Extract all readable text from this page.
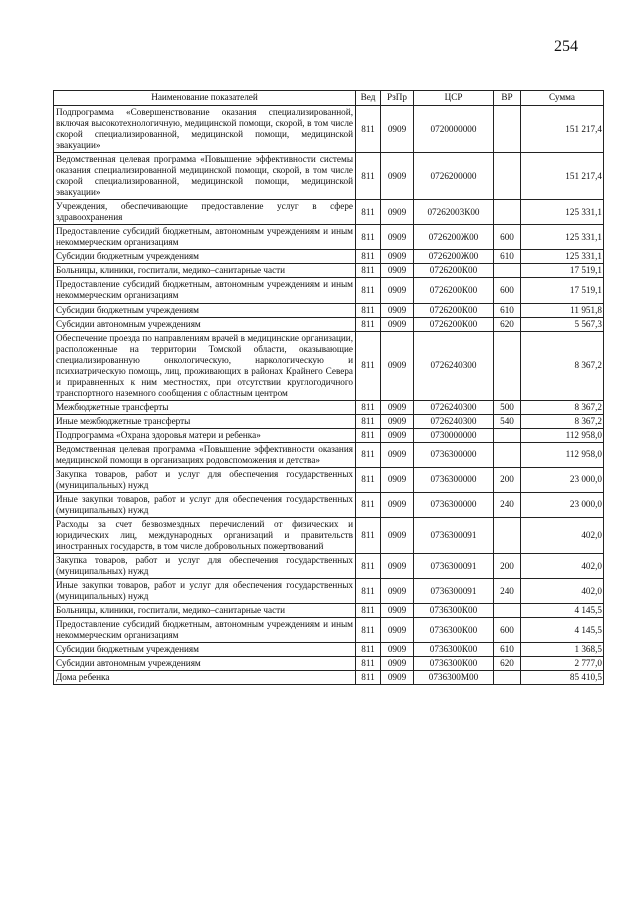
254
Наименование показателей	Вед	РзПр	ЦСР	ВР	Сумма
Подпрограмма «Совершенствование оказания специализированной, включая высокотехнологичную, медицинской помощи, скорой, в том числе скорой специализированной, медицинской помощи, медицинской эвакуации»	811	0909	0720000000		151 217,4
Ведомственная целевая программа «Повышение эффективности системы оказания специализированной медицинской помощи, скорой, в том числе скорой специализированной, медицинской помощи, медицинской эвакуации»	811	0909	0726200000		151 217,4
Учреждения, обеспечивающие предоставление услуг в сфере здравоохранения	811	0909	07262003К00		125 331,1
Предоставление субсидий бюджетным, автономным учреждениям и иным некоммерческим организациям	811	0909	0726200Ж00	600	125 331,1
Субсидии бюджетным учреждениям	811	0909	0726200Ж00	610	125 331,1
Больницы, клиники, госпитали, медико–санитарные части	811	0909	0726200К00		17 519,1
Предоставление субсидий бюджетным, автономным учреждениям и иным некоммерческим организациям	811	0909	0726200К00	600	17 519,1
Субсидии бюджетным учреждениям	811	0909	0726200К00	610	11 951,8
Субсидии автономным учреждениям	811	0909	0726200К00	620	5 567,3
Обеспечение проезда по направлениям врачей в медицинские организации, расположенные на территории Томской области, оказывающие специализированную онкологическую, наркологическую и психиатрическую помощь, лиц, проживающих в районах Крайнего Севера и приравненных к ним местностях, при отсутствии круглогодичного транспортного наземного сообщения с областным центром	811	0909	0726240300		8 367,2
Межбюджетные трансферты	811	0909	0726240300	500	8 367,2
Иные межбюджетные трансферты	811	0909	0726240300	540	8 367,2
Подпрограмма «Охрана здоровья матери и ребенка»	811	0909	0730000000		112 958,0
Ведомственная целевая программа «Повышение эффективности оказания медицинской помощи в организациях родовспоможения и детства»	811	0909	0736300000		112 958,0
Закупка товаров, работ и услуг для обеспечения государственных (муниципальных) нужд	811	0909	0736300000	200	23 000,0
Иные закупки товаров, работ и услуг для обеспечения государственных (муниципальных) нужд	811	0909	0736300000	240	23 000,0
Расходы за счет безвозмездных перечислений от физических и юридических лиц, международных организаций и правительств иностранных государств, в том числе добровольных пожертвований	811	0909	0736300091		402,0
Закупка товаров, работ и услуг для обеспечения государственных (муниципальных) нужд	811	0909	0736300091	200	402,0
Иные закупки товаров, работ и услуг для обеспечения государственных (муниципальных) нужд	811	0909	0736300091	240	402,0
Больницы, клиники, госпитали, медико–санитарные части	811	0909	0736300К00		4 145,5
Предоставление субсидий бюджетным, автономным учреждениям и иным некоммерческим организациям	811	0909	0736300К00	600	4 145,5
Субсидии бюджетным учреждениям	811	0909	0736300К00	610	1 368,5
Субсидии автономным учреждениям	811	0909	0736300К00	620	2 777,0
Дома ребенка	811	0909	0736300М00		85 410,5
